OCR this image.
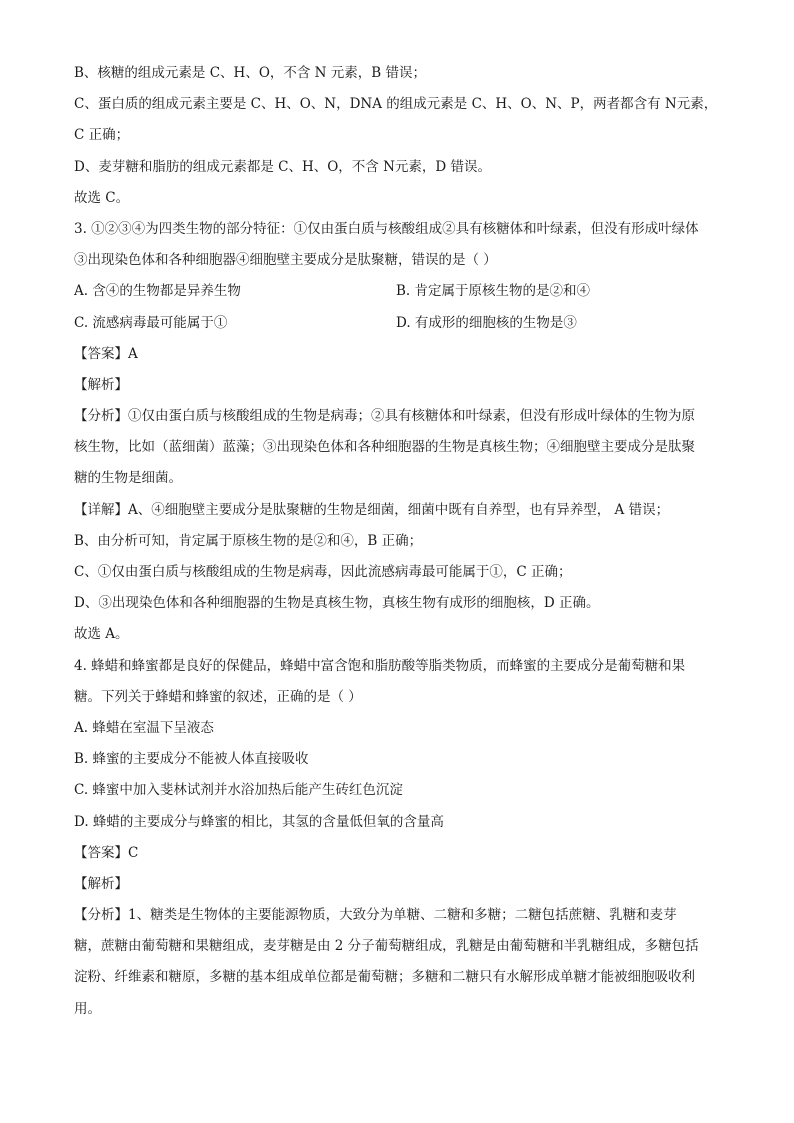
B、核糖的组成元素是 C、H、O，不含 N 元素，B 错误；
C、蛋白质的组成元素主要是 C、H、O、N，DNA 的组成元素是 C、H、O、N、P，两者都含有 N元素，
C 正确；
D、麦芽糖和脂肪的组成元素都是 C、H、O，不含 N元素，D 错误。
故选 C。
3. ①②③④为四类生物的部分特征：①仅由蛋白质与核酸组成②具有核糖体和叶绿素，但没有形成叶绿体
③出现染色体和各种细胞器④细胞壁主要成分是肽聚糖，错误的是（ ）
A. 含④的生物都是异养生物	B. 肯定属于原核生物的是②和④
C. 流感病毒最可能属于①	D. 有成形的细胞核的生物是③
【答案】A
【解析】
【分析】①仅由蛋白质与核酸组成的生物是病毒；②具有核糖体和叶绿素，但没有形成叶绿体的生物为原
核生物，比如（蓝细菌）蓝藻；③出现染色体和各种细胞器的生物是真核生物；④细胞壁主要成分是肽聚
糖的生物是细菌。
【详解】A、④细胞壁主要成分是肽聚糖的生物是细菌，细菌中既有自养型，也有异养型， A 错误；
B、由分析可知，肯定属于原核生物的是②和④，B 正确；
C、①仅由蛋白质与核酸组成的生物是病毒，因此流感病毒最可能属于①，C 正确；
D、③出现染色体和各种细胞器的生物是真核生物，真核生物有成形的细胞核，D 正确。
故选 A。
4. 蜂蜡和蜂蜜都是良好的保健品，蜂蜡中富含饱和脂肪酸等脂类物质，而蜂蜜的主要成分是葡萄糖和果
糖。下列关于蜂蜡和蜂蜜的叙述，正确的是（ ）
A. 蜂蜡在室温下呈液态
B. 蜂蜜的主要成分不能被人体直接吸收
C. 蜂蜜中加入斐林试剂并水浴加热后能产生砖红色沉淀
D. 蜂蜡的主要成分与蜂蜜的相比，其氢的含量低但氧的含量高
【答案】C
【解析】
【分析】1、糖类是生物体的主要能源物质，大致分为单糖、二糖和多糖；二糖包括蔗糖、乳糖和麦芽
糖，蔗糖由葡萄糖和果糖组成，麦芽糖是由 2 分子葡萄糖组成，乳糖是由葡萄糖和半乳糖组成，多糖包括
淀粉、纤维素和糖原，多糖的基本组成单位都是葡萄糖；多糖和二糖只有水解形成单糖才能被细胞吸收利
用。
